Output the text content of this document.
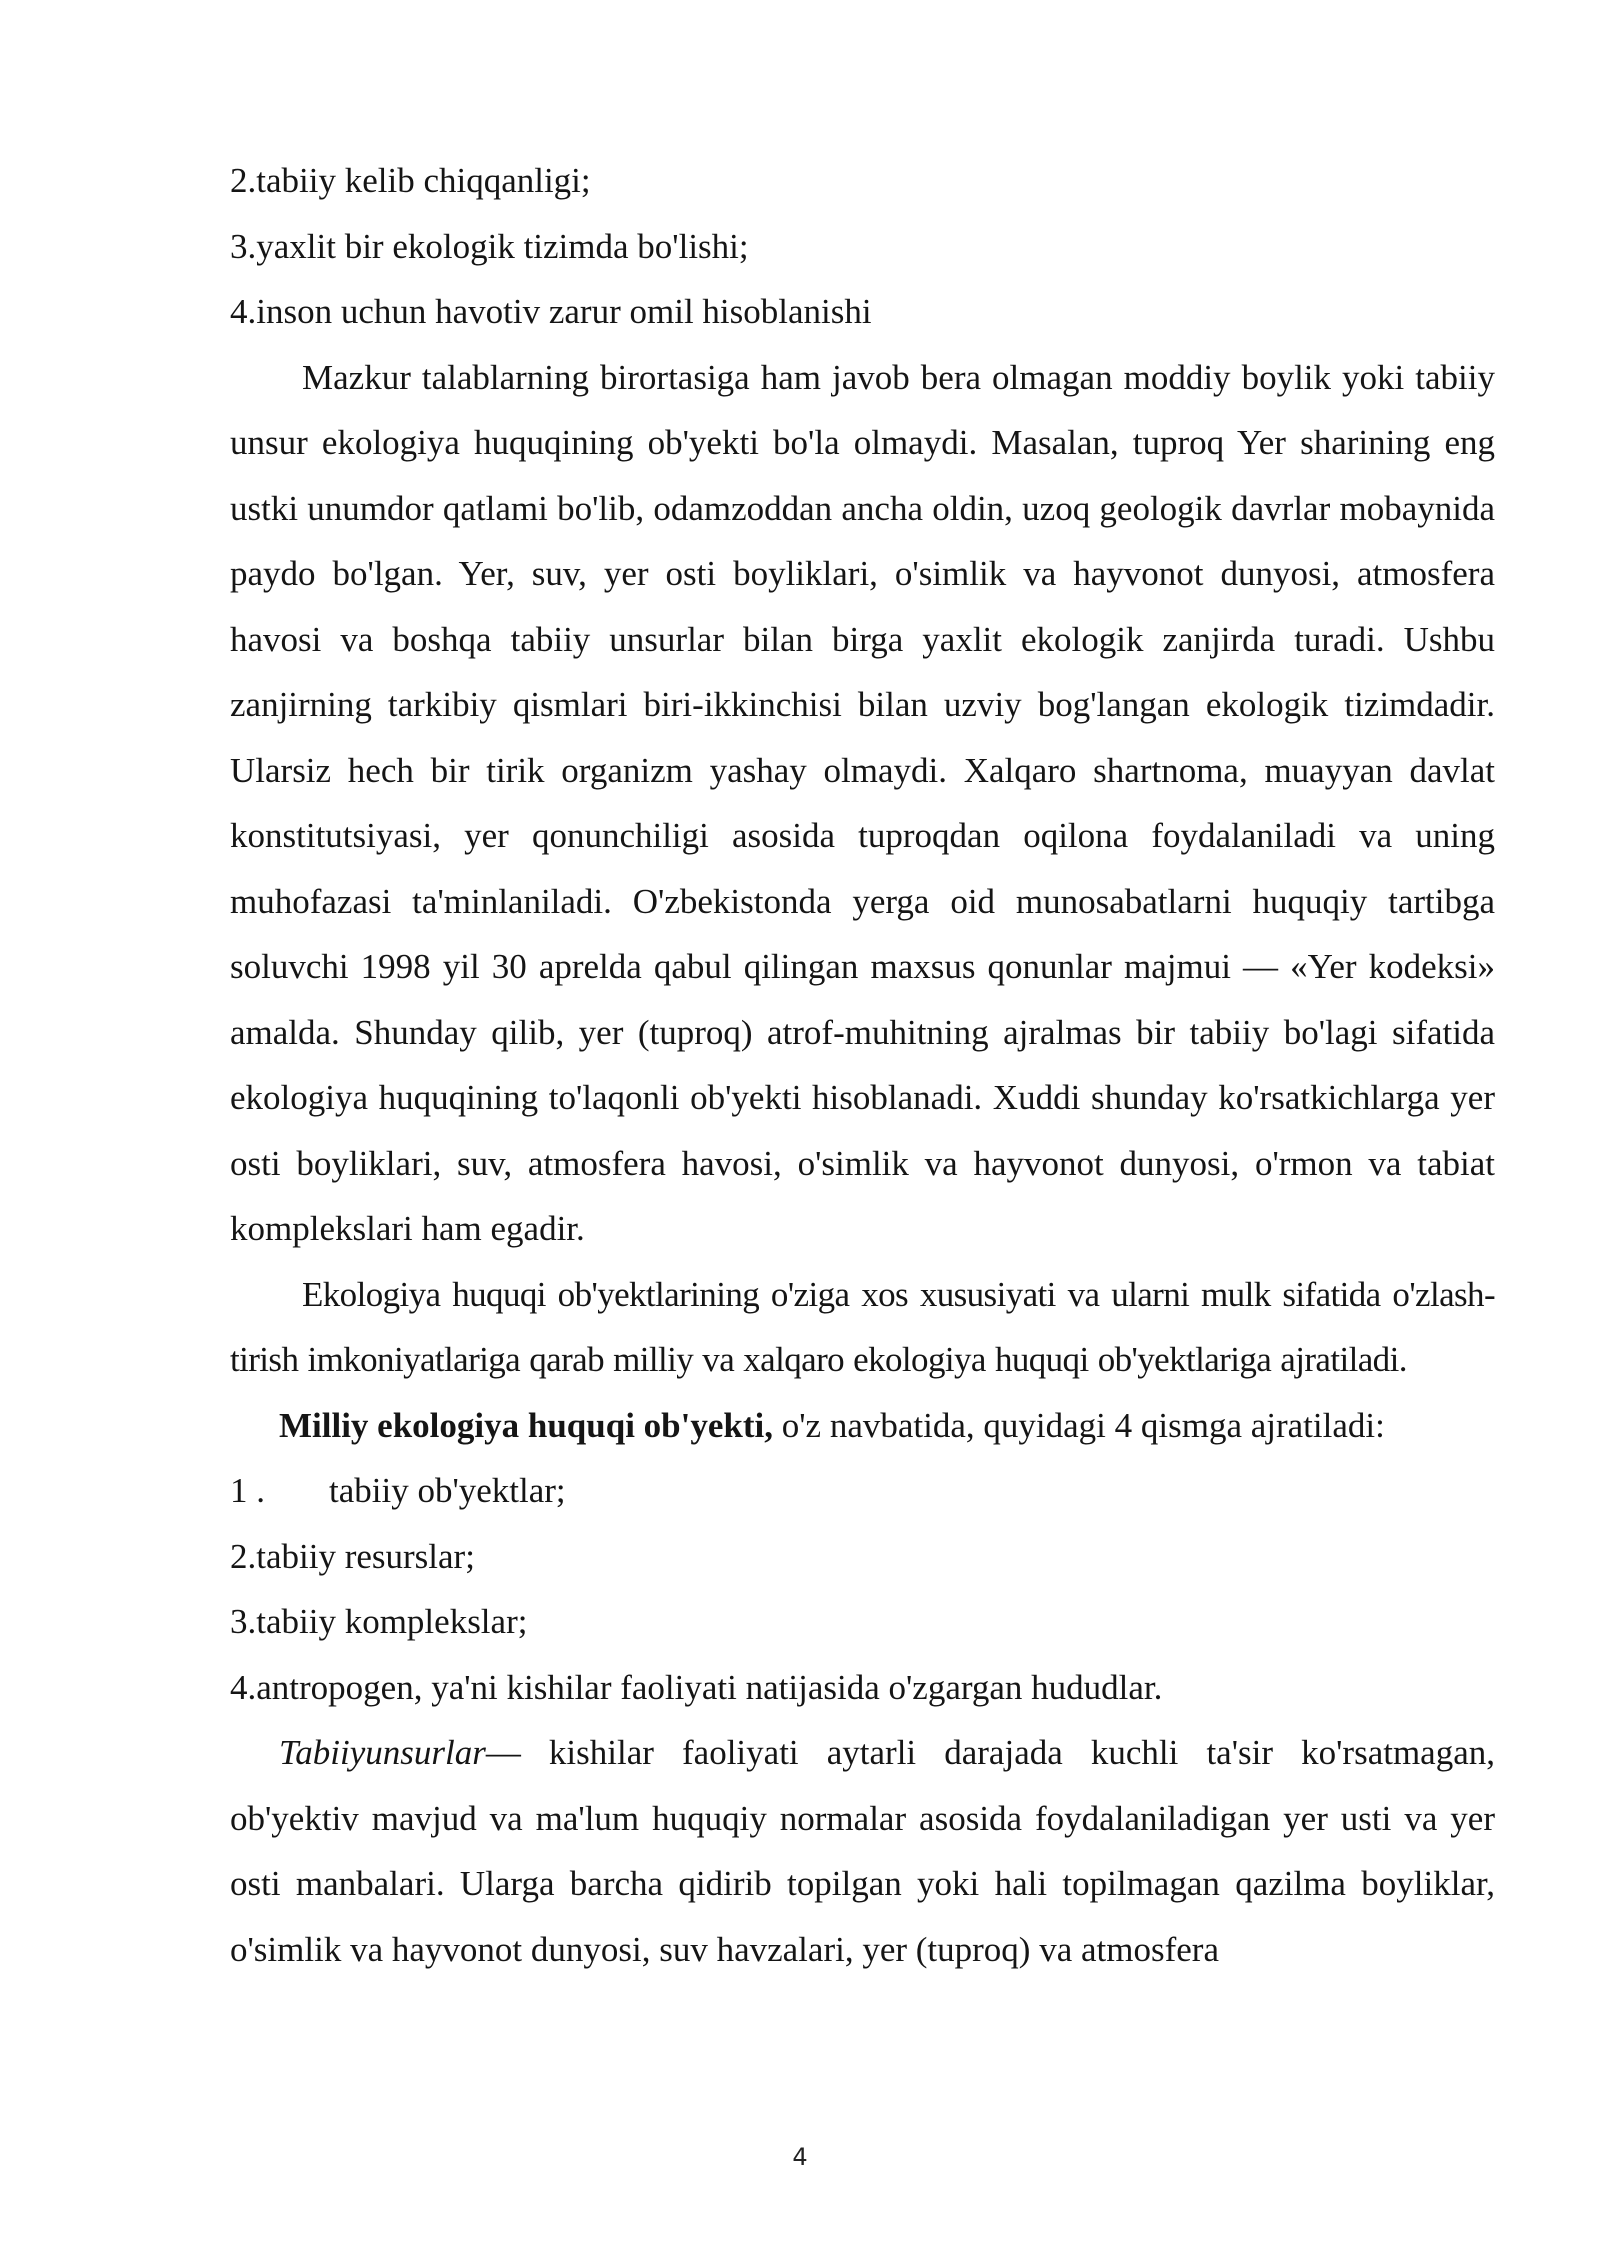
2.tabiiy kelib chiqqanligi;
3.yaxlit bir ekologik tizimda bo'lishi;
4.inson uchun havotiv zarur omil hisoblanishi

Mazkur talablarning birortasiga ham javob bera olmagan moddiy boylik yoki tabiiy unsur ekologiya huquqining ob'yekti bo'la olmaydi. Masalan, tuproq Yer sharining eng ustki unumdor qatlami bo'lib, odamzoddan ancha oldin, uzoq geologik davrlar mobaynida paydo bo'lgan. Yer, suv, yer osti boyliklari, o'simlik va hayvonot dunyosi, atmosfera havosi va boshqa tabiiy unsurlar bilan birga yaxlit ekologik zanjirda turadi. Ushbu zanjirning tarkibiy qismlari biri-ikkinchisi bilan uzviy bog'langan ekologik tizimdadir. Ularsiz hech bir tirik organizm yashay olmaydi. Xalqaro shartnoma, muayyan davlat konstitutsiyasi, yer qonunchiligi asosida tuproqdan oqilona foydalaniladi va uning muhofazasi ta'minlaniladi. O'zbekistonda yerga oid munosabatlarni huquqiy tartibga soluvchi 1998 yil 30 aprelda qabul qilingan maxsus qonunlar majmui — «Yer kodeksi» amalda. Shunday qilib, yer (tuproq) atrof-muhitning ajralmas bir tabiiy bo'lagi sifatida ekologiya huquqining to'laqonli ob'yekti hisoblanadi. Xuddi shunday ko'rsatkichlarga yer osti boyliklari, suv, atmosfera havosi, o'simlik va hayvonot dunyosi, o'rmon va tabiat komplekslari ham egadir.

Ekologiya huquqi ob'yektlarining o'ziga xos xususiyati va ularni mulk sifatida o'zlash-tirish imkoniyatlariga qarab milliy va xalqaro ekologiya huquqi ob'yektlariga ajratiladi.

Milliy ekologiya huquqi ob'yekti, o'z navbatida, quyidagi 4 qismga ajratiladi:

1 . tabiiy ob'yektlar;
2.tabiiy resurslar;
3.tabiiy komplekslar;
4.antropogen, ya'ni kishilar faoliyati natijasida o'zgargan hududlar.

Tabiiyunsurlar— kishilar faoliyati aytarli darajada kuchli ta'sir ko'rsatmagan, ob'yektiv mavjud va ma'lum huquqiy normalar asosida foydalaniladigan yer usti va yer osti manbalari. Ularga barcha qidirib topilgan yoki hali topilmagan qazilma boyliklar, o'simlik va hayvonot dunyosi, suv havzalari, yer (tuproq) va atmosfera

4
